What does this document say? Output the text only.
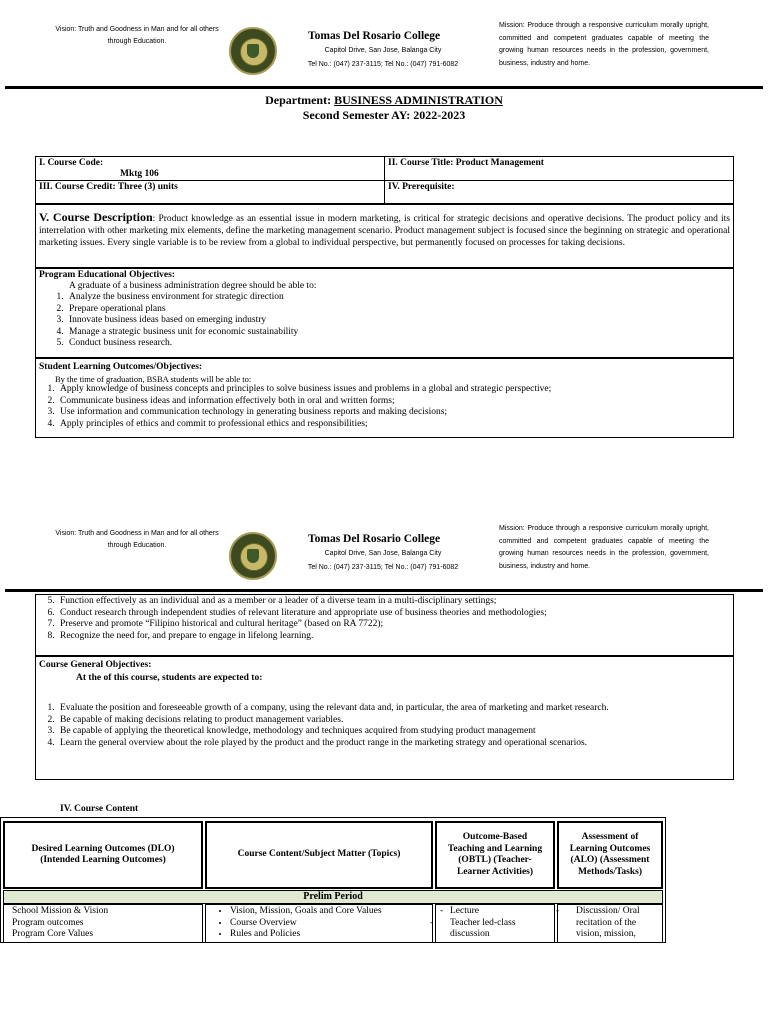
Vision: Truth and Goodness in Man and for all others through Education.	Tomas Del Rosario College
Capitol Drive, San Jose, Balanga City
Tel No.: (047) 237-3115; Tel No.: (047) 791-6082
Mission: Produce through a responsive curriculum morally upright, committed and competent graduates capable of meeting the growing human resources needs in the profession, government, business, industry and home.
Department: BUSINESS ADMINISTRATION
Second Semester AY: 2022-2023
I. Course Code:
Mktg 106
II. Course Title: Product Management
III. Course Credit: Three (3) units	IV. Prerequisite:
V. Course Description: Product knowledge as an essential issue in modern marketing, is critical for strategic decisions and operative decisions. The product policy and its interrelation with other marketing mix elements, define the marketing management scenario. Product management subject is focused since the beginning on strategic and operational marketing issues. Every single variable is to be review from a global to individual perspective, but permanently focused on processes for taking decisions.
Program Educational Objectives:
A graduate of a business administration degree should be able to:
1. Analyze the business environment for strategic direction
2. Prepare operational plans
3. Innovate business ideas based on emerging industry
4. Manage a strategic business unit for economic sustainability
5. Conduct business research.
Student Learning Outcomes/Objectives:
By the time of graduation, BSBA students will be able to:
1. Apply knowledge of business concepts and principles to solve business issues and problems in a global and strategic perspective;
2. Communicate business ideas and information effectively both in oral and written forms;
3. Use information and communication technology in generating business reports and making decisions;
4. Apply principles of ethics and commit to professional ethics and responsibilities;
Vision: Truth and Goodness in Man and for all others through Education.
Tomas Del Rosario College
Capitol Drive, San Jose, Balanga City
Tel No.: (047) 237-3115; Tel No.: (047) 791-6082
Mission: Produce through a responsive curriculum morally upright, committed and competent graduates capable of meeting the growing human resources needs in the profession, government, business, industry and home.
5. Function effectively as an individual and as a member or a leader of a diverse team in a multi-disciplinary settings;
6. Conduct research through independent studies of relevant literature and appropriate use of business theories and methodologies;
7. Preserve and promote “Filipino historical and cultural heritage” (based on RA 7722);
8. Recognize the need for, and prepare to engage in lifelong learning.
Course General Objectives:
At the of this course, students are expected to:
1. Evaluate the position and foreseeable growth of a company, using the relevant data and, in particular, the area of marketing and market research.
2. Be capable of making decisions relating to product management variables.
3. Be capable of applying the theoretical knowledge, methodology and techniques acquired from studying product management
4. Learn the general overview about the role played by the product and the product range in the marketing strategy and operational scenarios.
IV. Course Content
Desired Learning Outcomes (DLO) (Intended Learning Outcomes)
Course Content/Subject Matter (Topics)
Outcome-Based Teaching and Learning (OBTL) (Teacher-Learner Activities)
Assessment of Learning Outcomes (ALO) (Assessment Methods/Tasks)
Prelim Period
School Mission & Vision
Program outcomes
Program Core Values
• Vision, Mission, Goals and Core Values
• Course Overview
• Rules and Policies
- Lecture
- Teacher led-class discussion
- Discussion/ Oral recitation of the vision, mission,
